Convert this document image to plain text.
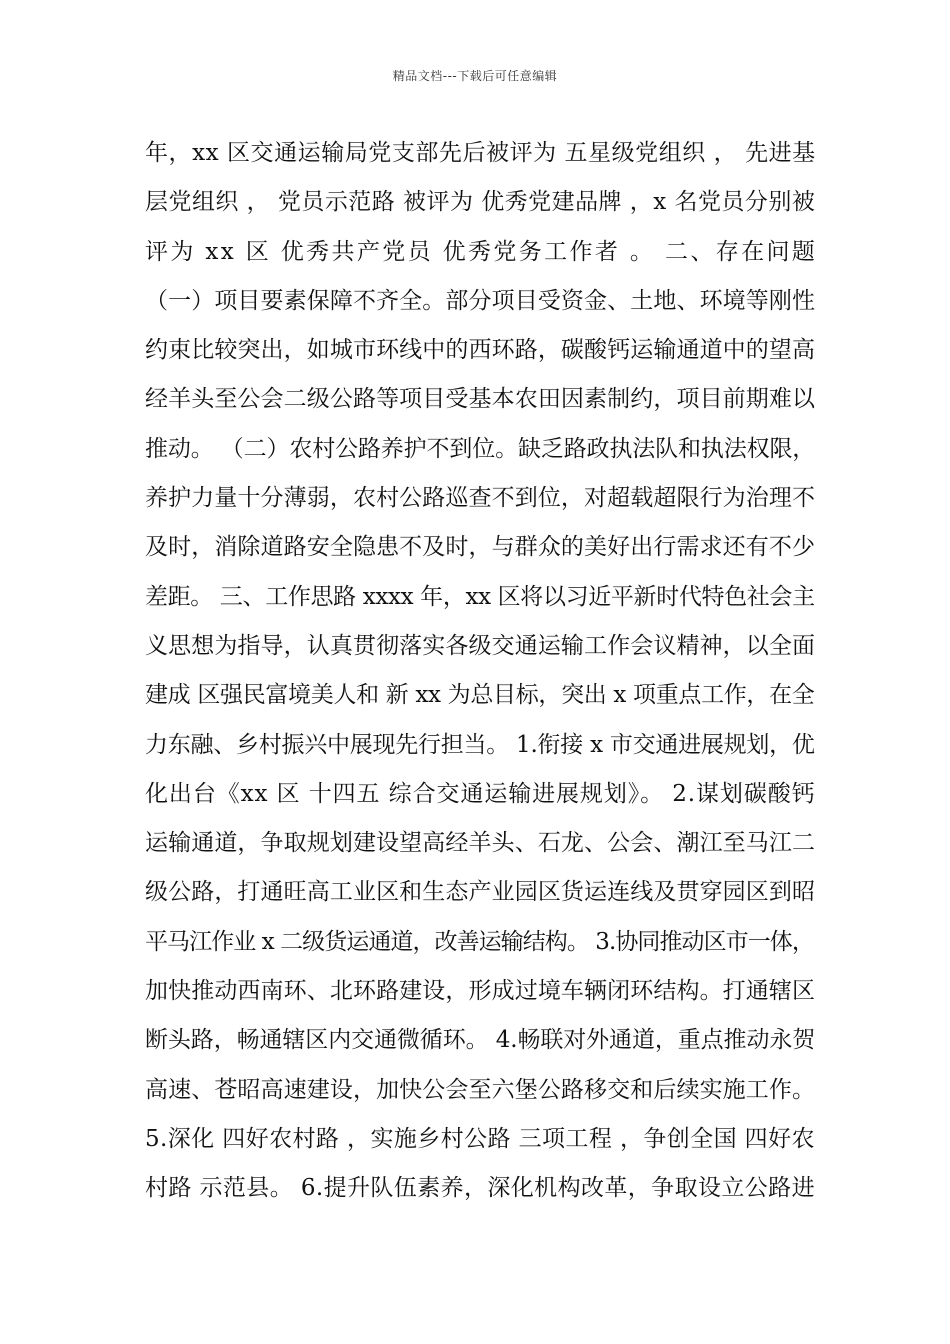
精品文档---下载后可任意编辑
年，xx 区交通运输局党支部先后被评为 五星级党组织 ， 先进基
层党组织 ， 党员示范路 被评为 优秀党建品牌 ，x 名党员分别被
评为 xx 区 优秀共产党员 优秀党务工作者 。 二、存在问题
（一）项目要素保障不齐全。部分项目受资金、土地、环境等刚性
约束比较突出，如城市环线中的西环路，碳酸钙运输通道中的望高
经羊头至公会二级公路等项目受基本农田因素制约，项目前期难以
推动。 （二）农村公路养护不到位。缺乏路政执法队和执法权限，
养护力量十分薄弱，农村公路巡查不到位，对超载超限行为治理不
及时，消除道路安全隐患不及时，与群众的美好出行需求还有不少
差距。 三、工作思路 xxxx 年，xx 区将以习近平新时代特色社会主
义思想为指导，认真贯彻落实各级交通运输工作会议精神，以全面
建成 区强民富境美人和 新 xx 为总目标，突出 x 项重点工作，在全
力东融、乡村振兴中展现先行担当。 1.衔接 x 市交通进展规划，优
化出台《xx 区 十四五 综合交通运输进展规划》。 2.谋划碳酸钙
运输通道，争取规划建设望高经羊头、石龙、公会、潮江至马江二
级公路，打通旺高工业区和生态产业园区货运连线及贯穿园区到昭
平马江作业 x 二级货运通道，改善运输结构。 3.协同推动区市一体，
加快推动西南环、北环路建设，形成过境车辆闭环结构。打通辖区
断头路，畅通辖区内交通微循环。 4.畅联对外通道，重点推动永贺
高速、苍昭高速建设，加快公会至六堡公路移交和后续实施工作。
5.深化 四好农村路 ，实施乡村公路 三项工程 ，争创全国 四好农
村路 示范县。 6.提升队伍素养，深化机构改革，争取设立公路进
